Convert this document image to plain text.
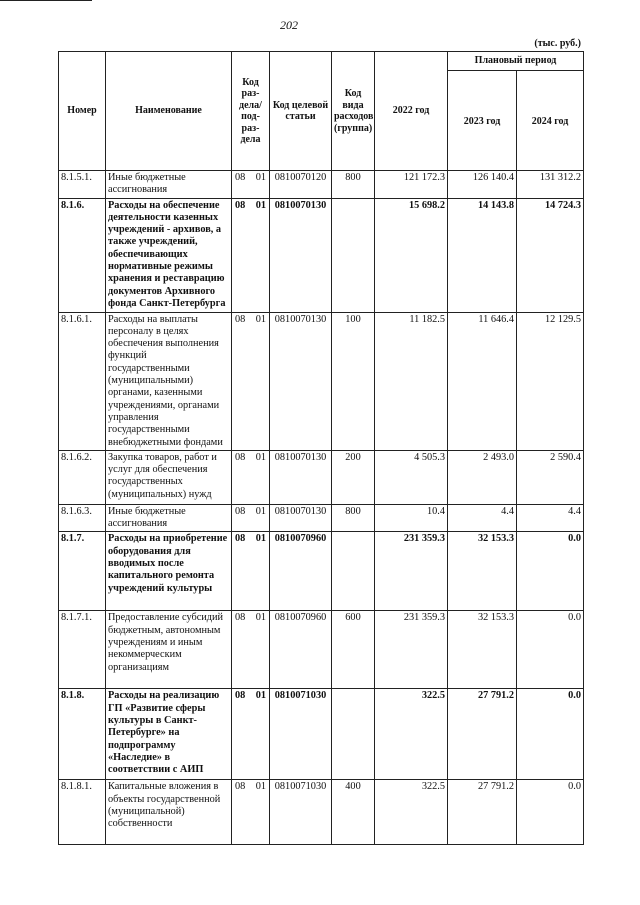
202
(тыс. руб.)
Номер	Наименование	Код раз- дела/ под- раз- дела	Код целевой статьи	Код вида расходов (группа)	2022 год	Плановый период	
						2023 год	2024 год
8.1.5.1.	Иные бюджетные ассигнования	08 01	0810070120	800	121 172.3	126 140.4	131 312.2
8.1.6.	Расходы на обеспечение деятельности казенных учреждений - архивов, а также учреждений, обеспечивающих нормативные режимы хранения и реставрацию документов Архивного фонда Санкт-Петербурга	08 01	0810070130		15 698.2	14 143.8	14 724.3
8.1.6.1.	Расходы на выплаты персоналу в целях обеспечения выполнения функций государственными (муниципальными) органами, казенными учреждениями, органами управления государственными внебюджетными фондами	08 01	0810070130	100	11 182.5	11 646.4	12 129.5
8.1.6.2.	Закупка товаров, работ и услуг для обеспечения государственных (муниципальных) нужд	08 01	0810070130	200	4 505.3	2 493.0	2 590.4
8.1.6.3.	Иные бюджетные ассигнования	08 01	0810070130	800	10.4	4.4	4.4
8.1.7.	Расходы на приобретение оборудования для вводимых после капитального ремонта учреждений культуры	08 01	0810070960		231 359.3	32 153.3	0.0
8.1.7.1.	Предоставление субсидий бюджетным, автономным учреждениям и иным некоммерческим организациям	08 01	0810070960	600	231 359.3	32 153.3	0.0
8.1.8.	Расходы на реализацию ГП «Развитие сферы культуры в Санкт-Петербурге» на подпрограмму «Наследие» в соответствии с АИП	08 01	0810071030		322.5	27 791.2	0.0
8.1.8.1.	Капитальные вложения в объекты государственной (муниципальной) собственности	08 01	0810071030	400	322.5	27 791.2	0.0
